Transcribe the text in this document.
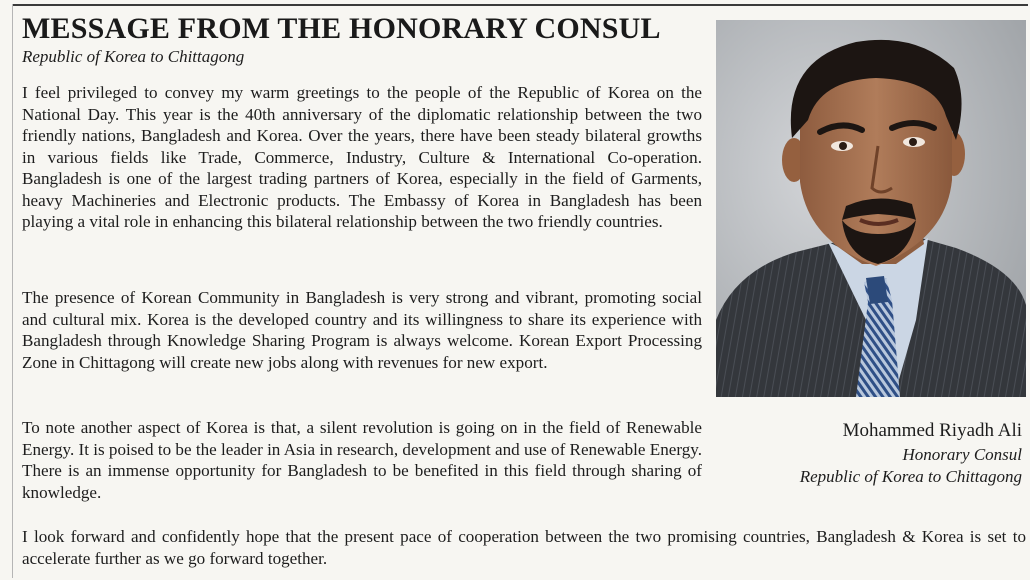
MESSAGE FROM THE HONORARY CONSUL
Republic of Korea to Chittagong

I feel privileged to convey my warm greetings to the people of the Republic of Korea on the National Day. This year is the 40th anniversary of the diplomatic relationship between the two friendly nations, Bangladesh and Korea. Over the years, there have been steady bilateral growths in various fields like Trade, Commerce, Industry, Culture & International Co-operation. Bangladesh is one of the largest trading partners of Korea, especially in the field of Garments, heavy Machineries and Electronic products. The Embassy of Korea in Bangladesh has been playing a vital role in enhancing this bilateral relationship between the two friendly countries.

The presence of Korean Community in Bangladesh is very strong and vibrant, promoting social and cultural mix. Korea is the developed country and its willingness to share its experience with Bangladesh through Knowledge Sharing Program is always welcome. Korean Export Processing Zone in Chittagong will create new jobs along with revenues for new export.

To note another aspect of Korea is that, a silent revolution is going on in the field of Renewable Energy. It is poised to be the leader in Asia in research, development and use of Renewable Energy. There is an immense opportunity for Bangladesh to be benefited in this field through sharing of knowledge.

I look forward and confidently hope that the present pace of cooperation between the two promising countries, Bangladesh & Korea is set to accelerate further as we go forward together.

Mohammed Riyadh Ali
Honorary Consul
Republic of Korea to Chittagong
